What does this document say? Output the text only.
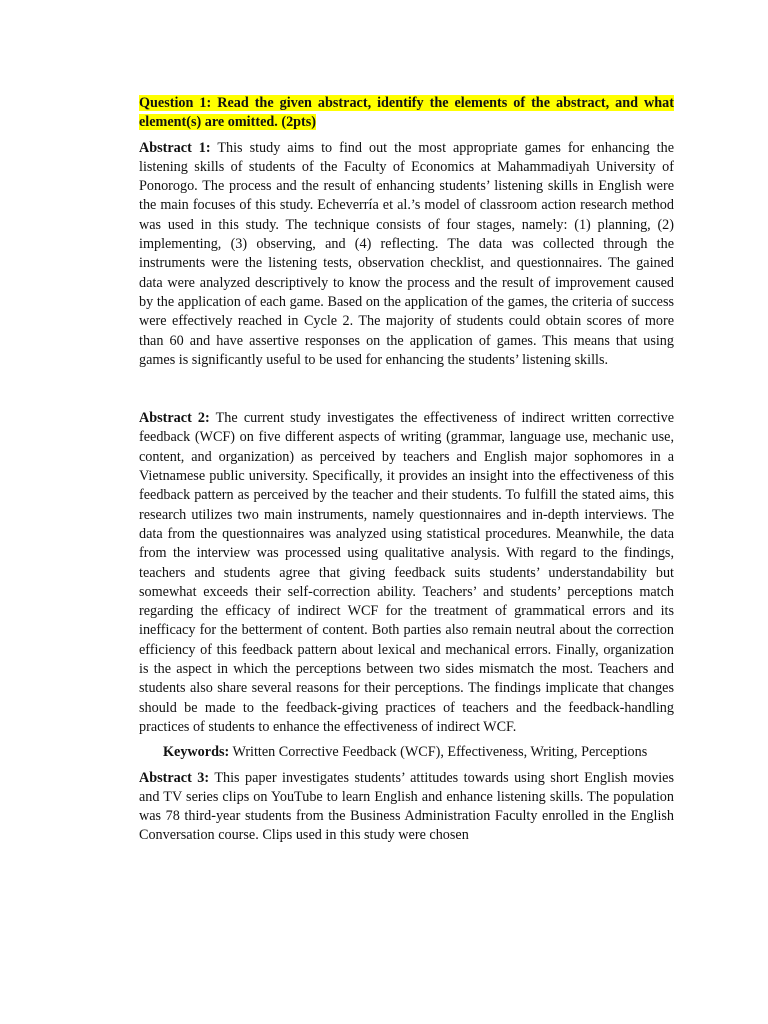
Question 1: Read the given abstract, identify the elements of the abstract, and what element(s) are omitted. (2pts)

Abstract 1: This study aims to find out the most appropriate games for enhancing the listening skills of students of the Faculty of Economics at Mahammadiyah University of Ponorogo. The process and the result of enhancing students’ listening skills in English were the main focuses of this study. Echeverría et al.’s model of classroom action research method was used in this study. The technique consists of four stages, namely: (1) planning, (2) implementing, (3) observing, and (4) reflecting. The data was collected through the instruments were the listening tests, observation checklist, and questionnaires. The gained data were analyzed descriptively to know the process and the result of improvement caused by the application of each game. Based on the application of the games, the criteria of success were effectively reached in Cycle 2. The majority of students could obtain scores of more than 60 and have assertive responses on the application of games. This means that using games is significantly useful to be used for enhancing the students’ listening skills.

Abstract 2: The current study investigates the effectiveness of indirect written corrective feedback (WCF) on five different aspects of writing (grammar, language use, mechanic use, content, and organization) as perceived by teachers and English major sophomores in a Vietnamese public university. Specifically, it provides an insight into the effectiveness of this feedback pattern as perceived by the teacher and their students. To fulfill the stated aims, this research utilizes two main instruments, namely questionnaires and in-depth interviews. The data from the questionnaires was analyzed using statistical procedures. Meanwhile, the data from the interview was processed using qualitative analysis. With regard to the findings, teachers and students agree that giving feedback suits students’ understandability but somewhat exceeds their self-correction ability. Teachers’ and students’ perceptions match regarding the efficacy of indirect WCF for the treatment of grammatical errors and its inefficacy for the betterment of content. Both parties also remain neutral about the correction efficiency of this feedback pattern about lexical and mechanical errors. Finally, organization is the aspect in which the perceptions between two sides mismatch the most. Teachers and students also share several reasons for their perceptions. The findings implicate that changes should be made to the feedback-giving practices of teachers and the feedback-handling practices of students to enhance the effectiveness of indirect WCF.

Keywords: Written Corrective Feedback (WCF), Effectiveness, Writing, Perceptions

Abstract 3: This paper investigates students’ attitudes towards using short English movies and TV series clips on YouTube to learn English and enhance listening skills. The population was 78 third-year students from the Business Administration Faculty enrolled in the English Conversation course. Clips used in this study were chosen
